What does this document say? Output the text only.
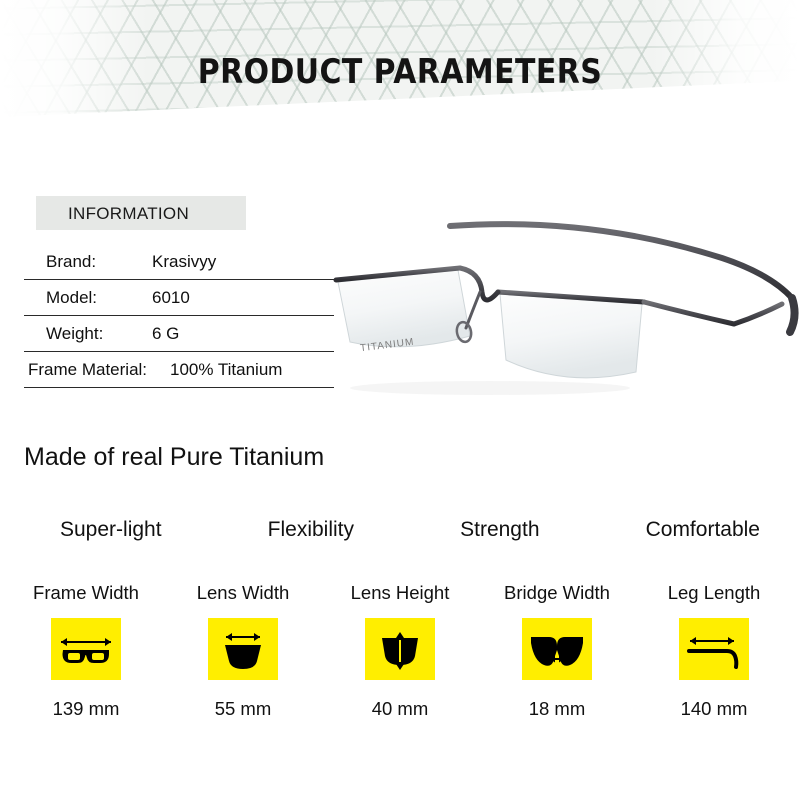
PRODUCT PARAMETERS
INFORMATION
Brand:	Krasivyy
Model:	6010
Weight:	6 G
Frame Material:	100% Titanium
TITANIUM
Made of real Pure Titanium
Super-light	Flexibility	Strength	Comfortable
Frame Width
139 mm
Lens Width
55 mm
Lens Height
40 mm
Bridge Width
18 mm
Leg Length
140 mm
